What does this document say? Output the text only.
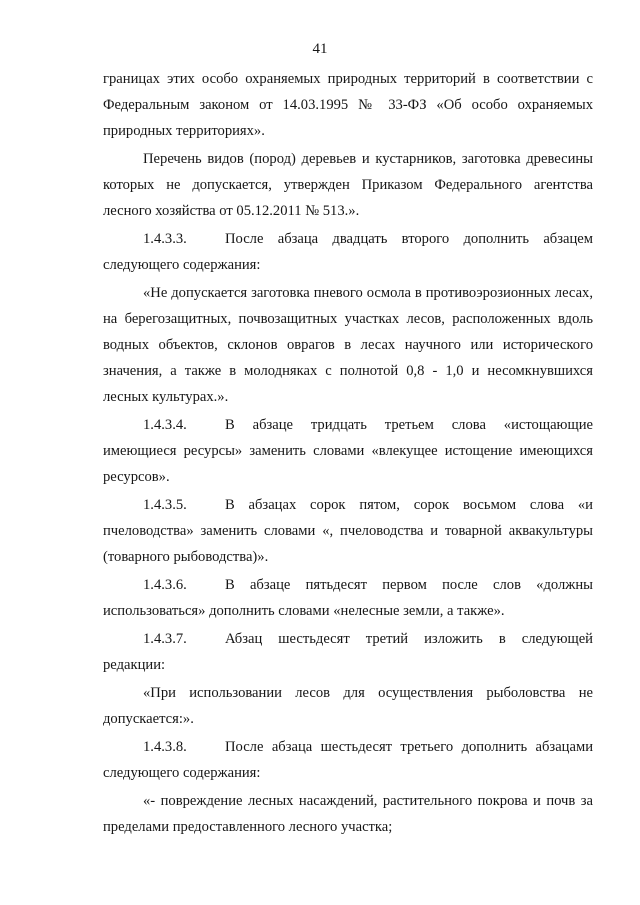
41

границах этих особо охраняемых природных территорий в соответствии с Федеральным законом от 14.03.1995 № 33-ФЗ «Об особо охраняемых природных территориях».

Перечень видов (пород) деревьев и кустарников, заготовка древесины которых не допускается, утвержден Приказом Федерального агентства лесного хозяйства от 05.12.2011 № 513.».

1.4.3.3.	После абзаца двадцать второго дополнить абзацем следующего содержания:

«Не допускается заготовка пневого осмола в противоэрозионных лесах, на берегозащитных, почвозащитных участках лесов, расположенных вдоль водных объектов, склонов оврагов в лесах научного или исторического значения, а также в молодняках с полнотой 0,8 - 1,0 и несомкнувшихся лесных культурах.».

1.4.3.4.	В абзаце тридцать третьем слова «истощающие имеющиеся ресурсы» заменить словами «влекущее истощение имеющихся ресурсов».

1.4.3.5.	В абзацах сорок пятом, сорок восьмом слова «и пчеловодства» заменить словами «, пчеловодства и товарной аквакультуры (товарного рыбоводства)».

1.4.3.6.	В абзаце пятьдесят первом после слов «должны использоваться» дополнить словами «нелесные земли, а также».

1.4.3.7.	Абзац шестьдесят третий изложить в следующей редакции:

«При использовании лесов для осуществления рыболовства не допускается:».

1.4.3.8.	После абзаца шестьдесят третьего дополнить абзацами следующего содержания:

«- повреждение лесных насаждений, растительного покрова и почв за пределами предоставленного лесного участка;
